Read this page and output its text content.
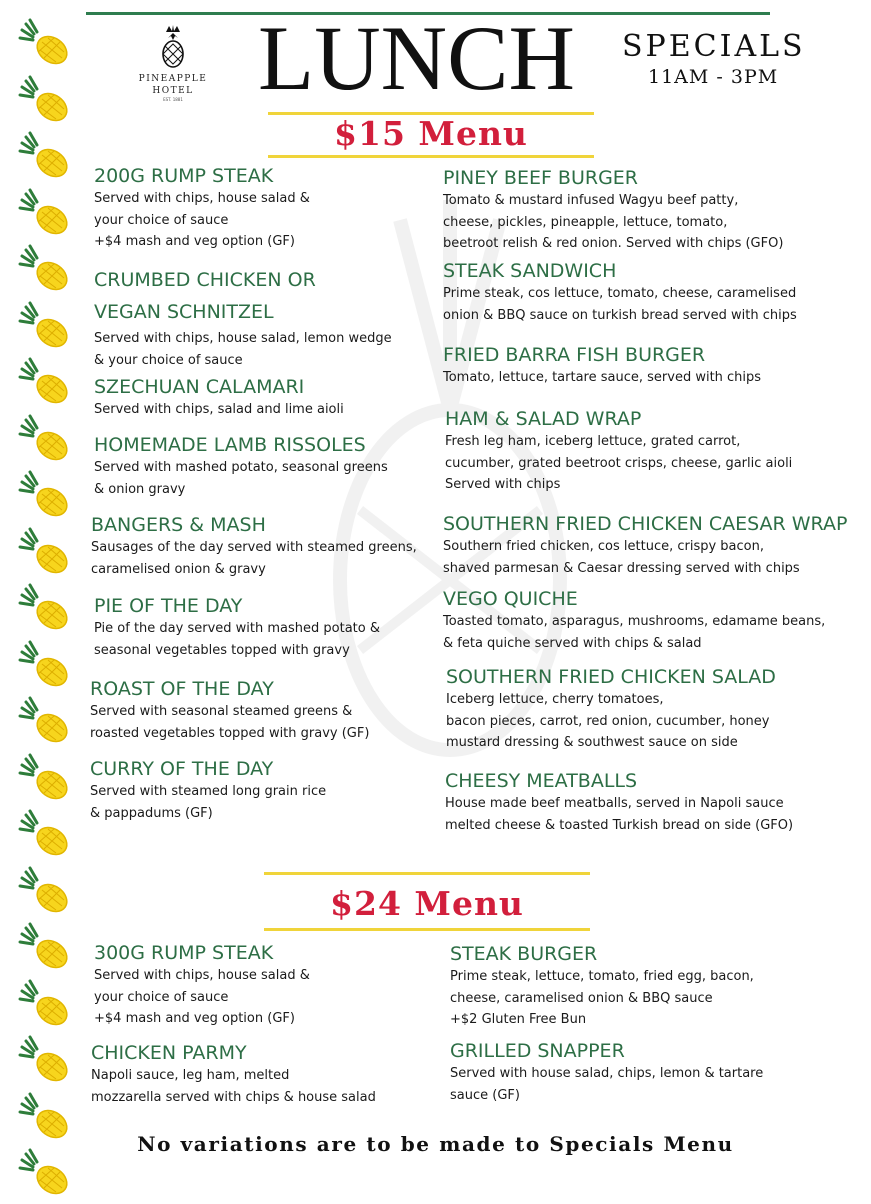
PINEAPPLE
HOTEL
EST. 1881 LUNCH SPECIALS
11AM - 3PM
$15 Menu
200G RUMP STEAK
Served with chips, house salad &
your choice of sauce
+$4 mash and veg option (GF)
CRUMBED CHICKEN OR
VEGAN SCHNITZEL
Served with chips, house salad, lemon wedge
& your choice of sauce
SZECHUAN CALAMARI
Served with chips, salad and lime aioli
HOMEMADE LAMB RISSOLES
Served with mashed potato, seasonal greens
& onion gravy
BANGERS & MASH
Sausages of the day served with steamed greens,
caramelised onion & gravy
PIE OF THE DAY
Pie of the day served with mashed potato &
seasonal vegetables topped with gravy
ROAST OF THE DAY
Served with seasonal steamed greens &
roasted vegetables topped with gravy (GF)
CURRY OF THE DAY
Served with steamed long grain rice
& pappadums (GF)
PINEY BEEF BURGER
Tomato & mustard infused Wagyu beef patty,
cheese, pickles, pineapple, lettuce, tomato,
beetroot relish & red onion. Served with chips (GFO)
STEAK SANDWICH
Prime steak, cos lettuce, tomato, cheese, caramelised
onion & BBQ sauce on turkish bread served with chips
FRIED BARRA FISH BURGER
Tomato, lettuce, tartare sauce, served with chips
HAM & SALAD WRAP
Fresh leg ham, iceberg lettuce, grated carrot,
cucumber, grated beetroot crisps, cheese, garlic aioli
Served with chips
SOUTHERN FRIED CHICKEN CAESAR WRAP
Southern fried chicken, cos lettuce, crispy bacon,
shaved parmesan & Caesar dressing served with chips
VEGO QUICHE
Toasted tomato, asparagus, mushrooms, edamame beans,
& feta quiche served with chips & salad
SOUTHERN FRIED CHICKEN SALAD
Iceberg lettuce, cherry tomatoes,
bacon pieces, carrot, red onion, cucumber, honey
mustard dressing & southwest sauce on side
CHEESY MEATBALLS
House made beef meatballs, served in Napoli sauce
melted cheese & toasted Turkish bread on side (GFO)
$24 Menu
300G RUMP STEAK
Served with chips, house salad &
your choice of sauce
+$4 mash and veg option (GF)
CHICKEN PARMY
Napoli sauce, leg ham, melted
mozzarella served with chips & house salad
STEAK BURGER
Prime steak, lettuce, tomato, fried egg, bacon,
cheese, caramelised onion & BBQ sauce
+$2 Gluten Free Bun
GRILLED SNAPPER
Served with house salad, chips, lemon & tartare
sauce (GF)
No variations are to be made to Specials Menu
